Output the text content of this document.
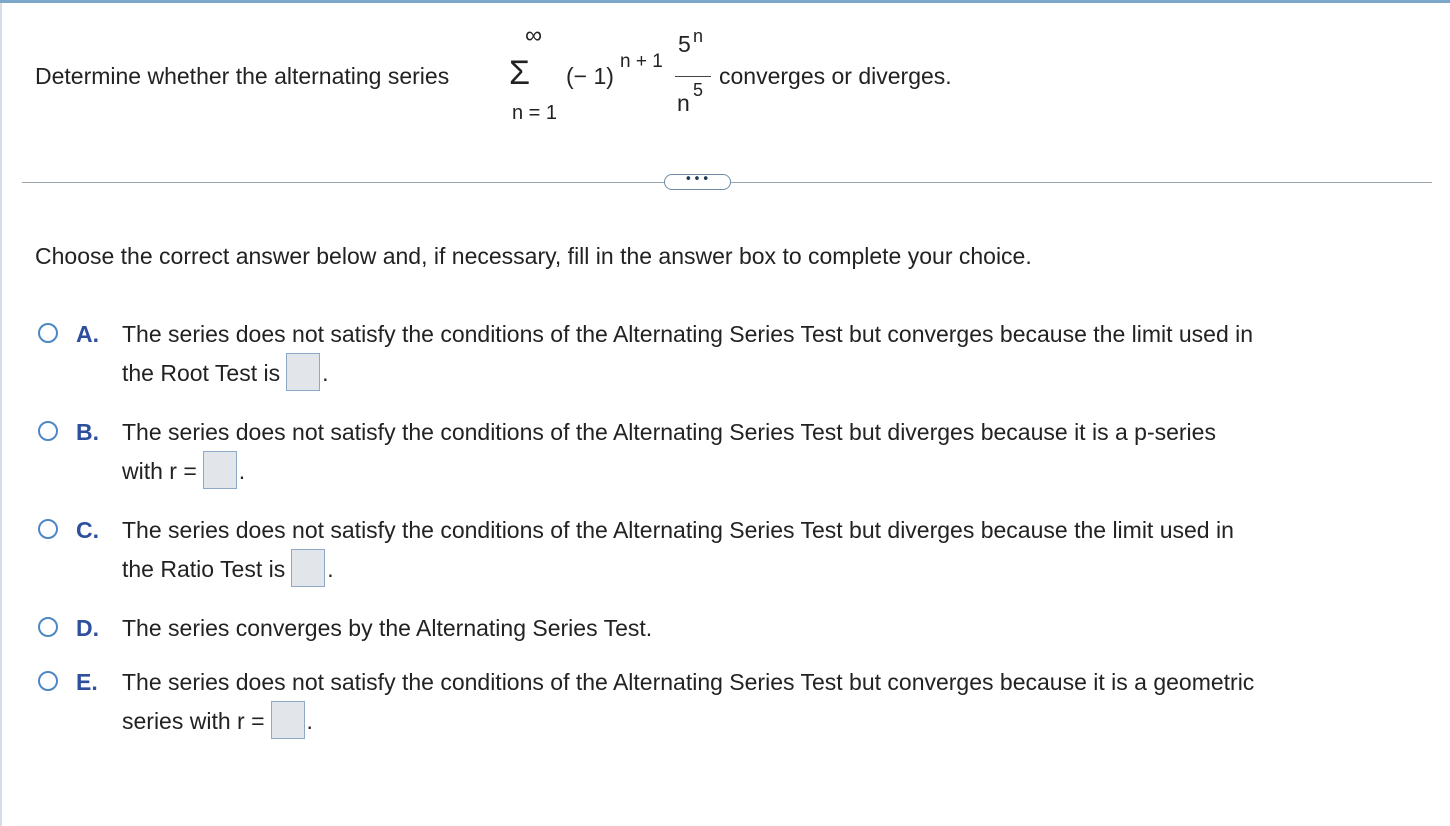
Determine whether the alternating series
∞
Σ
n = 1
(− 1)
n + 1
5 n
n 5
converges or diverges.
•••
Choose the correct answer below and, if necessary, fill in the answer box to complete your choice.
A. The series does not satisfy the conditions of the Alternating Series Test but converges because the limit used in
the Root Test is .
B. The series does not satisfy the conditions of the Alternating Series Test but diverges because it is a p-series
with r = .
C. The series does not satisfy the conditions of the Alternating Series Test but diverges because the limit used in
the Ratio Test is .
D. The series converges by the Alternating Series Test.
E. The series does not satisfy the conditions of the Alternating Series Test but converges because it is a geometric
series with r = .
